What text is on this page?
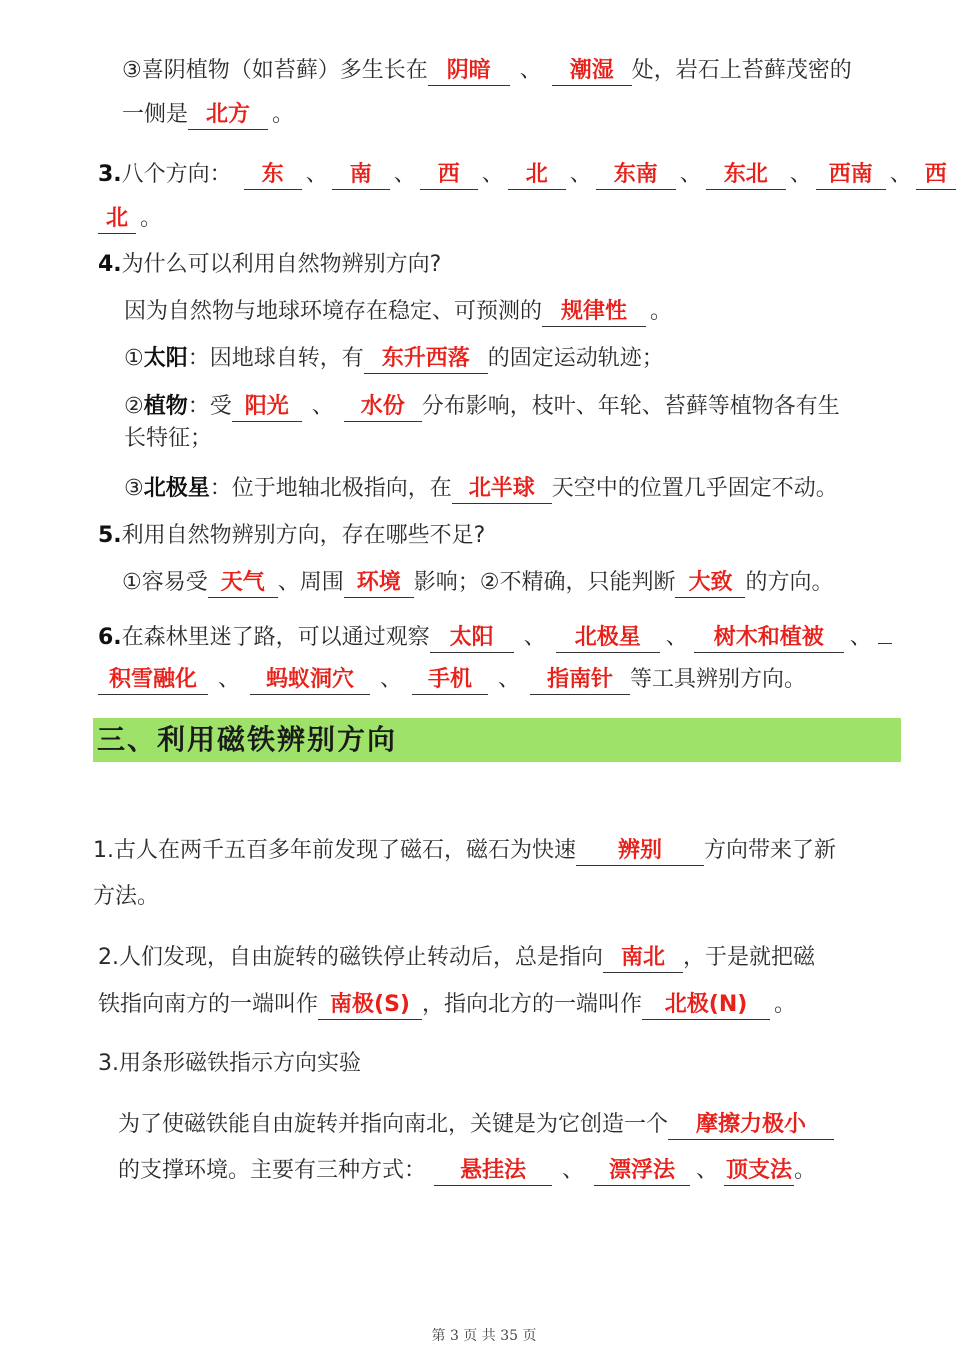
③喜阴植物（如苔藓）多生长在 阴暗 、 潮湿 处，岩石上苔藓茂密的
一侧是 北方 。
3.八个方向： 东 、 南 、 西 、 北 、 东南 、 东北 、 西南 、 西
北 。
4.为什么可以利用自然物辨别方向?
因为自然物与地球环境存在稳定、可预测的 规律性 。
①太阳：因地球自转，有 东升西落 的固定运动轨迹；
②植物：受 阳光 、 水份 分布影响，枝叶、年轮、苔藓等植物各有生
长特征；
③北极星：位于地轴北极指向，在 北半球 天空中的位置几乎固定不动。
5.利用自然物辨别方向，存在哪些不足?
①容易受 天气 、周围 环境 影响；②不精确，只能判断 大致 的方向。
6.在森林里迷了路，可以通过观察 太阳 、 北极星 、 树木和植被 、
积雪融化 、 蚂蚁洞穴 、 手机 、 指南针 等工具辨别方向。
三、利用磁铁辨别方向
1.古人在两千五百多年前发现了磁石，磁石为快速 辨别 方向带来了新
方法。
2.人们发现，自由旋转的磁铁停止转动后，总是指向 南北 ，于是就把磁
铁指向南方的一端叫作 南极(S) ，指向北方的一端叫作 北极(N) 。
3.用条形磁铁指示方向实验
为了使磁铁能自由旋转并指向南北，关键是为它创造一个 摩擦力极小
的支撑环境。主要有三种方式： 悬挂法 、 漂浮法 、 顶支法。
第 3 页 共 35 页
